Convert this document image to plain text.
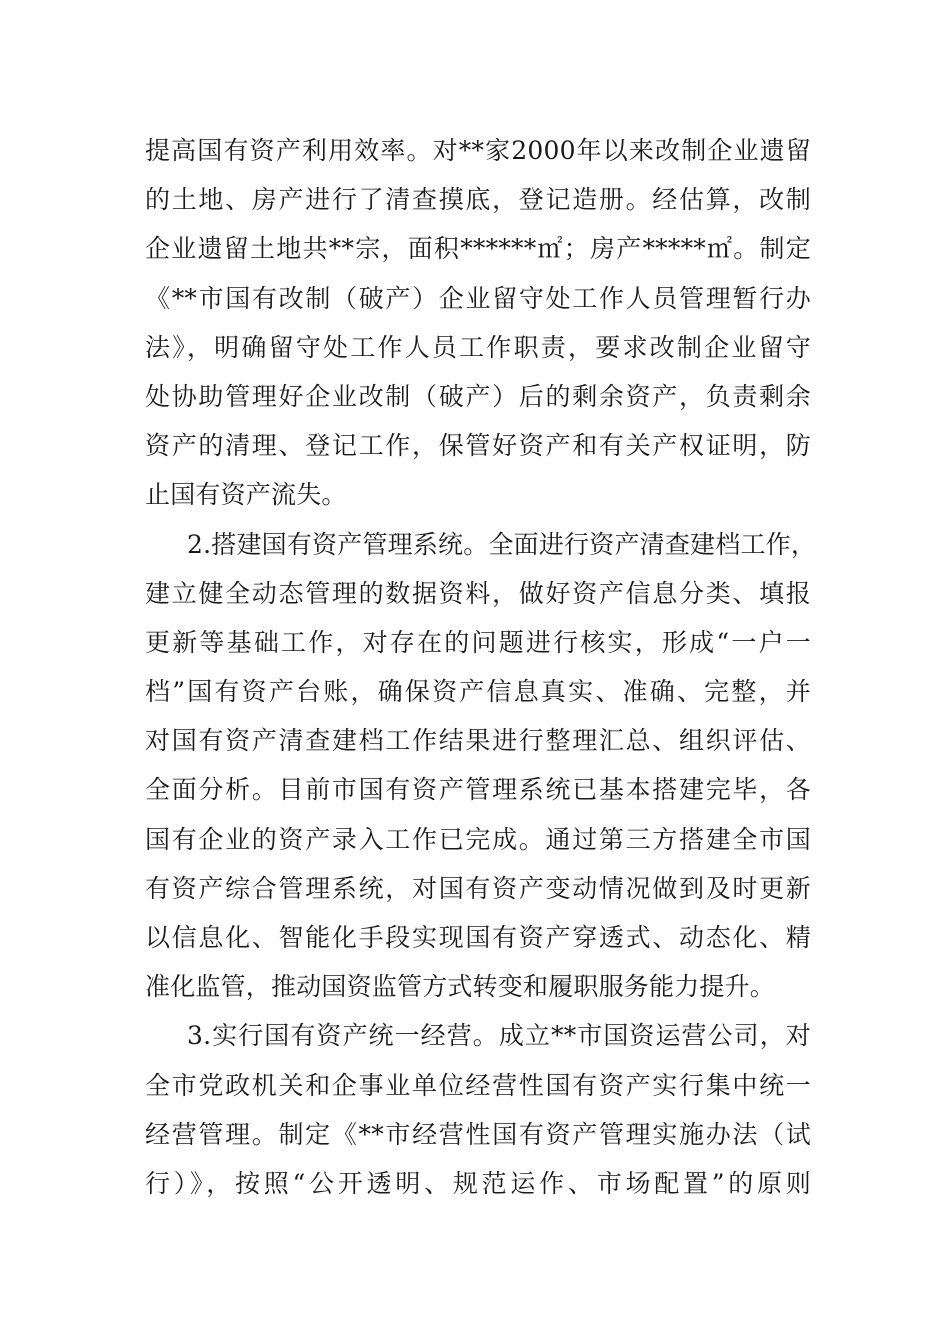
提高国有资产利用效率。对**家2000年以来改制企业遗留
的土地、房产进行了清查摸底，登记造册。经估算，改制
企业遗留土地共**宗，面积******㎡；房产*****㎡。制定
《**市国有改制（破产）企业留守处工作人员管理暂行办
法》，明确留守处工作人员工作职责，要求改制企业留守
处协助管理好企业改制（破产）后的剩余资产，负责剩余
资产的清理、登记工作，保管好资产和有关产权证明，防
止国有资产流失。
2.搭建国有资产管理系统。全面进行资产清查建档工作，
建立健全动态管理的数据资料，做好资产信息分类、填报
更新等基础工作，对存在的问题进行核实，形成“一户一
档”国有资产台账，确保资产信息真实、准确、完整，并
对国有资产清查建档工作结果进行整理汇总、组织评估、
全面分析。目前市国有资产管理系统已基本搭建完毕，各
国有企业的资产录入工作已完成。通过第三方搭建全市国
有资产综合管理系统，对国有资产变动情况做到及时更新
以信息化、智能化手段实现国有资产穿透式、动态化、精
准化监管，推动国资监管方式转变和履职服务能力提升。
3.实行国有资产统一经营。成立**市国资运营公司，对
全市党政机关和企事业单位经营性国有资产实行集中统一
经营管理。制定《**市经营性国有资产管理实施办法（试
行）》，按照“公开透明、规范运作、市场配置”的原则
